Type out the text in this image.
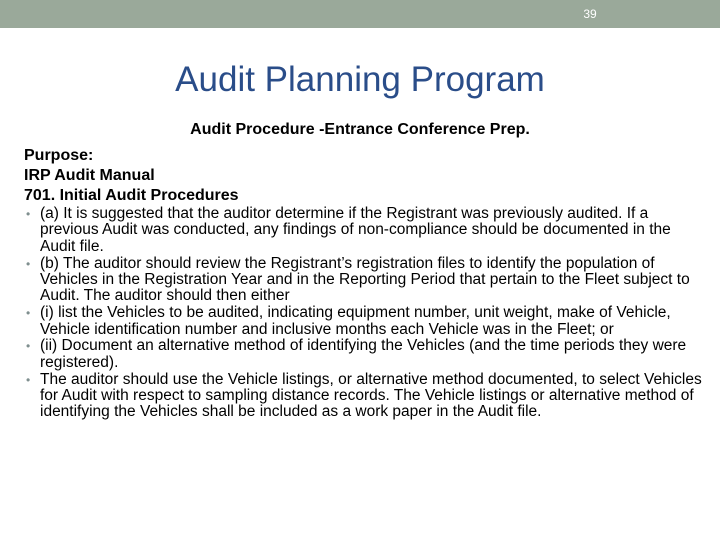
39
Audit Planning Program
Audit Procedure -Entrance Conference Prep.
Purpose:
IRP Audit Manual
701. Initial Audit Procedures
• (a) It is suggested that the auditor determine if the Registrant was previously audited. If a previous Audit was conducted, any findings of non-compliance should be documented in the Audit file.
• (b) The auditor should review the Registrant’s registration files to identify the population of Vehicles in the Registration Year and in the Reporting Period that pertain to the Fleet subject to Audit. The auditor should then either
• (i) list the Vehicles to be audited, indicating equipment number, unit weight, make of Vehicle, Vehicle identification number and inclusive months each Vehicle was in the Fleet; or
• (ii) Document an alternative method of identifying the Vehicles (and the time periods they were registered).
• The auditor should use the Vehicle listings, or alternative method documented, to select Vehicles for Audit with respect to sampling distance records. The Vehicle listings or alternative method of identifying the Vehicles shall be included as a work paper in the Audit file.
